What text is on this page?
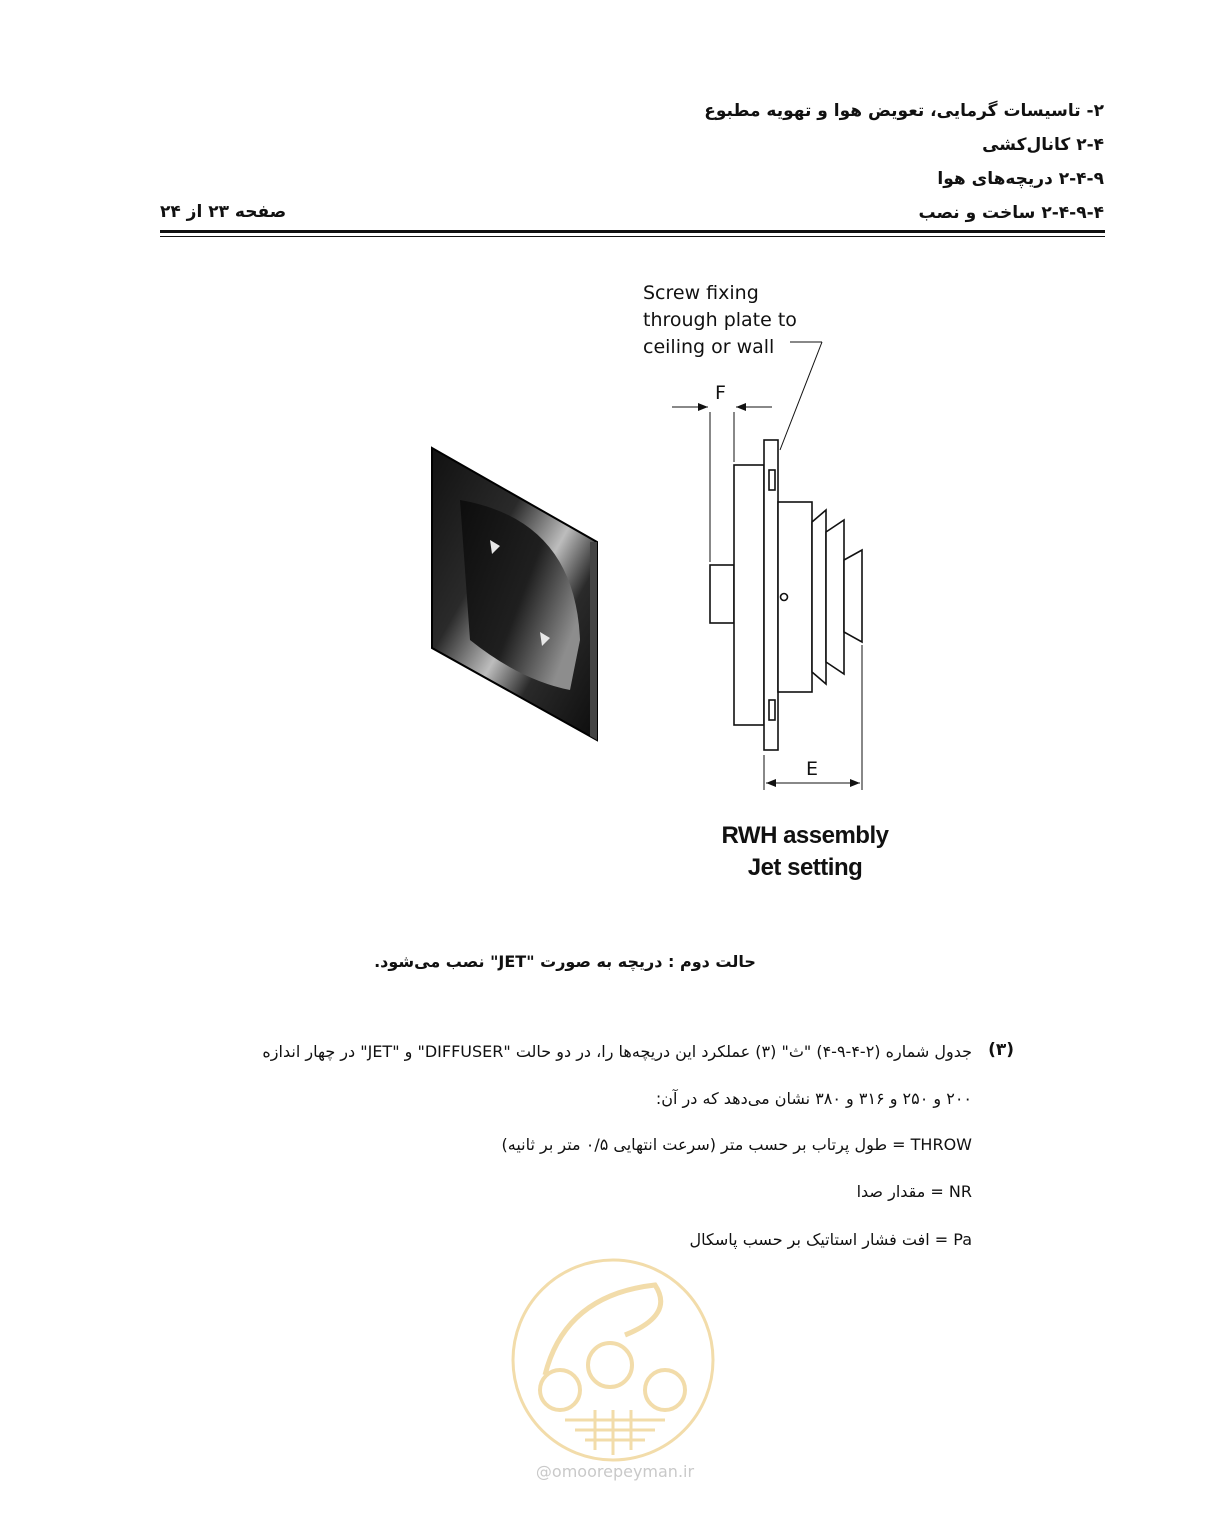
۲- تاسیسات گرمایی، تعویض هوا و تهویه مطبوع
۲-۴ کانال‌کشی
۲-۴-۹ دریچه‌های هوا
۲-۴-۹-۴ ساخت و نصب
صفحه ۲۳ از ۲۴
Screw fixing
through plate to
ceiling or wall
F
E
RWH assembly
Jet setting
حالت دوم : دریچه به صورت "JET" نصب می‌شود.
(۳)
جدول شماره (۲-۴-۹-۴) "ث" (۳) عملکرد این دریچه‌ها را، در دو حالت "DIFFUSER" و "JET" در چهار اندازه
۲۰۰ و ۲۵۰ و ۳۱۶ و ۳۸۰ نشان می‌دهد که در آن:
THROW = طول پرتاب بر حسب متر (سرعت انتهایی ۰/۵ متر بر ثانیه)
NR = مقدار صدا
Pa = افت فشار استاتیک بر حسب پاسکال
@omoorepeyman.ir
